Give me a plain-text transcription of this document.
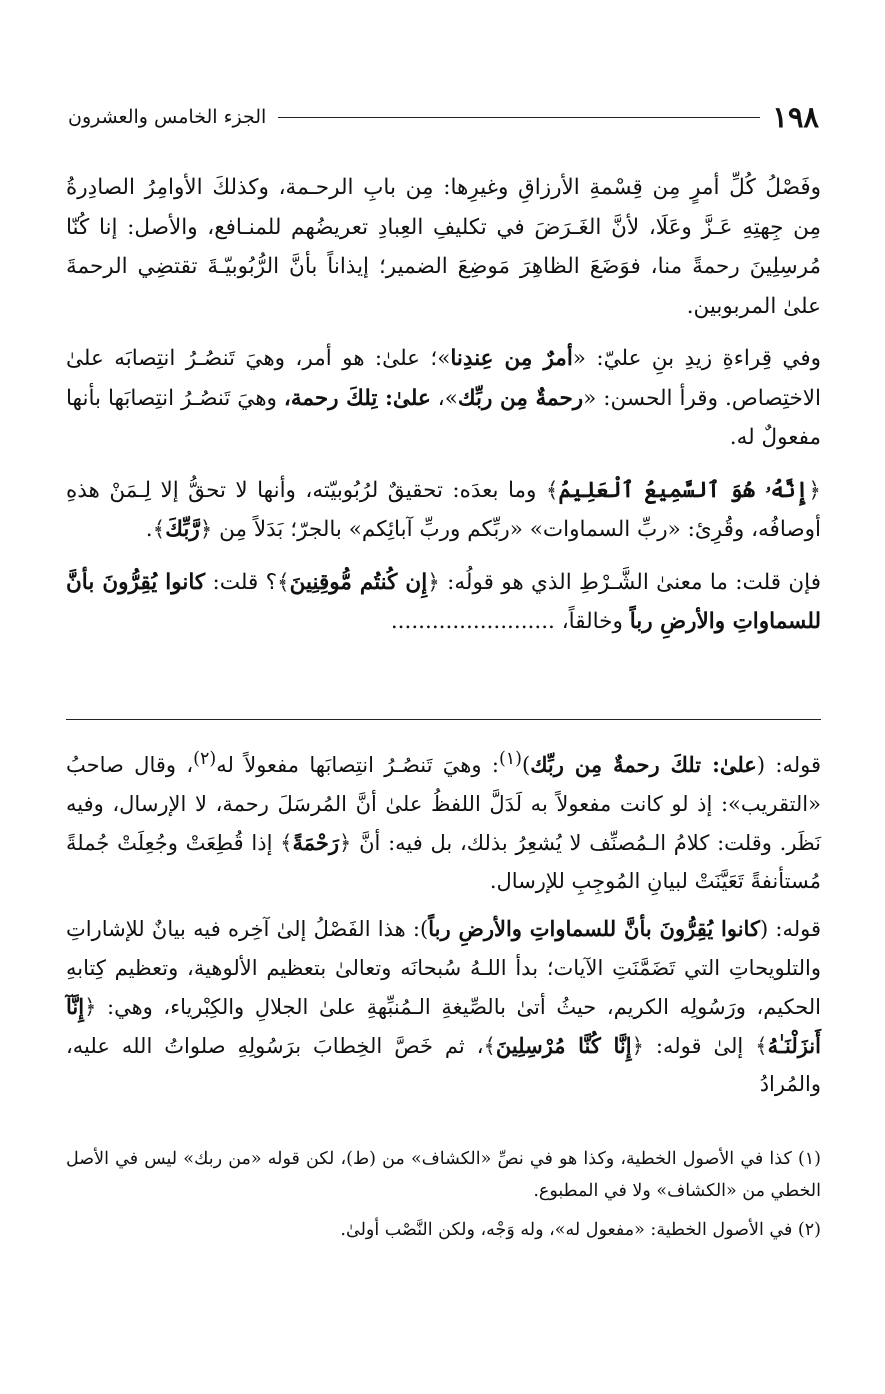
١٩٨
الجزء الخامس والعشرون

وفَصْلُ كُلِّ أمرٍ مِن قِسْمةِ الأرزاقِ وغيرِها: مِن بابِ الرحـمة، وكذلكَ الأوامِرُ الصادِرةُ مِن جِهتِهِ عَـزَّ وعَلَا، لأنَّ الغَـرَضَ في تكليفِ العِبادِ تعريضُهم للمنـافع، والأصل: إنا كُنّا مُرسِلِينَ رحمةً منا، فوَضَعَ الظاهِرَ مَوضِعَ الضمير؛ إيذاناً بأنَّ الرُّبُوبيّـةَ تقتضِي الرحمةَ علىٰ المربوبين.

وفي قِراءةِ زيدِ بنِ عليّ: «أمرٌ مِن عِندِنا»؛ علىٰ: هو أمر، وهيَ تَنصُـرُ انتِصابَه علىٰ الاختِصاص. وقرأ الحسن: «رحمةٌ مِن ربِّك»، علىٰ: تِلكَ رحمة، وهيَ تَنصُـرُ انتِصابَها بأنها مفعولٌ له.

﴿إِنَّهُۥ هُوَ ٱلسَّمِيعُ ٱلْعَلِيمُ﴾ وما بعدَه: تحقيقٌ لرُبُوبيّته، وأنها لا تحقُّ إلا لِـمَنْ هذهِ أوصافُه، وقُرِئ: «ربِّ السماوات» «ربِّكم وربِّ آبائِكم» بالجرّ؛ بَدَلاً مِن ﴿رَّبِّكَ﴾.

فإن قلت: ما معنىٰ الشَّـرْطِ الذي هو قولُه: ﴿إِن كُنتُم مُّوقِنِينَ﴾؟ قلت: كانوا يُقِرُّونَ بأنَّ للسماواتِ والأرضِ رباً وخالقاً، ........................

قوله: (علىٰ: تلكَ رحمةٌ مِن ربِّك)$^{(١)}$: وهيَ تَنصُـرُ انتِصابَها مفعولاً له$^{(٢)}$، وقال صاحبُ «التقريب»: إذ لو كانت مفعولاً به لَدَلَّ اللفظُ علىٰ أنَّ المُرسَلَ رحمة، لا الإرسال، وفيه نَظَر. وقلت: كلامُ الـمُصنِّف لا يُشعِرُ بذلك، بل فيه: أنَّ ﴿رَحْمَةً﴾ إذا قُطِعَتْ وجُعِلَتْ جُملةً مُستأنفةً تَعَيَّنَتْ لبيانِ المُوجِبِ للإرسال.

قوله: (كانوا يُقِرُّونَ بأنَّ للسماواتِ والأرضِ رباً): هذا الفَصْلُ إلىٰ آخِره فيه بيانٌ للإشاراتِ والتلويحاتِ التي تَضَمَّنَتِ الآيات؛ بدأ اللـهُ سُبحانَه وتعالىٰ بتعظيم الألوهية، وتعظيم كِتابهِ الحكيم، ورَسُولِه الكريم، حيثُ أتىٰ بالصِّيغةِ الـمُنبِّهةِ علىٰ الجلالِ والكِبْرياء، وهي: ﴿إِنَّآ أَنزَلْنَـٰهُ﴾ إلىٰ قوله: ﴿إِنَّا كُنَّا مُرْسِلِينَ﴾، ثم خَصَّ الخِطابَ برَسُولِهِ صلواتُ الله عليه، والمُرادُ

(١) كذا في الأصول الخطية، وكذا هو في نصِّ «الكشاف» من (ط)، لكن قوله «من ربك» ليس في الأصل الخطي من «الكشاف» ولا في المطبوع.

(٢) في الأصول الخطية: «مفعول له»، وله وَجْه، ولكن النَّصْب أولىٰ.
